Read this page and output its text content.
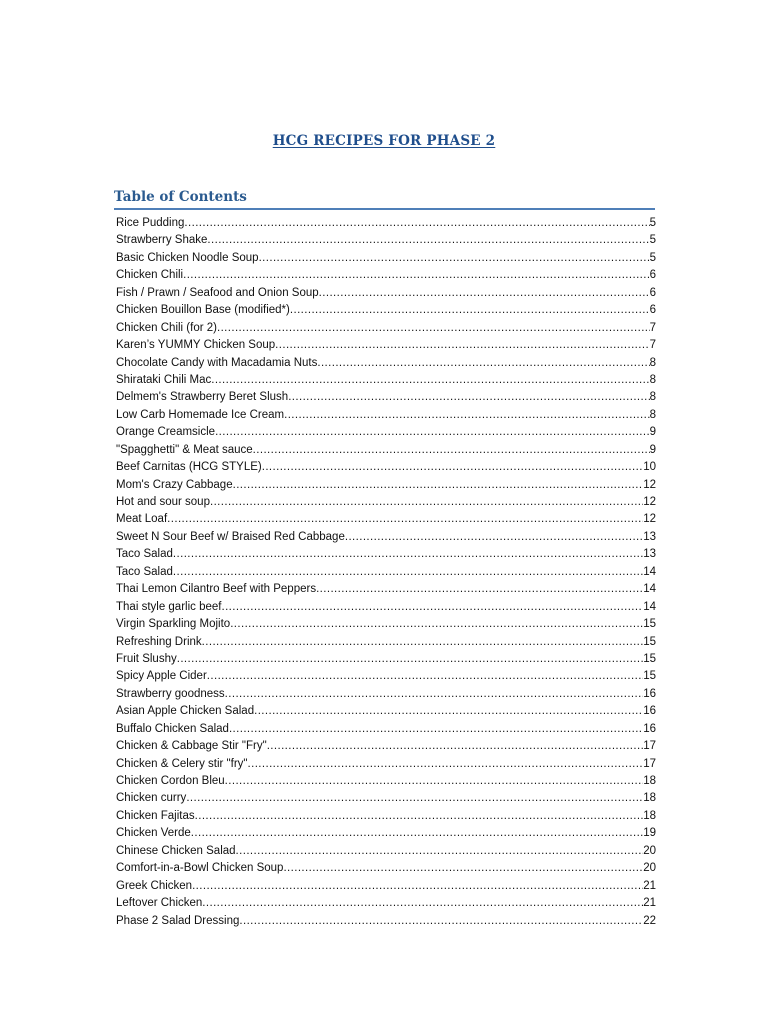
HCG RECIPES FOR PHASE 2
Table of Contents
Rice Pudding .....	5
Strawberry Shake .....	5
Basic Chicken Noodle Soup .....	5
Chicken Chili .....	6
Fish / Prawn / Seafood and Onion Soup .....	6
Chicken Bouillon Base (modified*) .....	6
Chicken Chili (for 2) .....	7
Karen’s YUMMY Chicken Soup .....	7
Chocolate Candy with Macadamia Nuts .....	8
Shirataki Chili Mac .....	8
Delmem's Strawberry Beret Slush .....	8
Low Carb Homemade Ice Cream .....	8
Orange Creamsicle .....	9
"Spagghetti" & Meat sauce .....	9
Beef Carnitas (HCG STYLE) .....	10
Mom's Crazy Cabbage .....	12
Hot and sour soup .....	12
Meat Loaf .....	12
Sweet N Sour Beef w/ Braised Red Cabbage .....	13
Taco Salad .....	13
Taco Salad .....	14
Thai Lemon Cilantro Beef with Peppers .....	14
Thai style garlic beef .....	14
Virgin Sparkling Mojito .....	15
Refreshing Drink .....	15
Fruit Slushy .....	15
Spicy Apple Cider .....	15
Strawberry goodness .....	16
Asian Apple Chicken Salad .....	16
Buffalo Chicken Salad .....	16
Chicken & Cabbage Stir "Fry" .....	17
Chicken & Celery stir "fry" .....	17
Chicken Cordon Bleu .....	18
Chicken curry .....	18
Chicken Fajitas .....	18
Chicken Verde .....	19
Chinese Chicken Salad .....	20
Comfort-in-a-Bowl Chicken Soup .....	20
Greek Chicken .....	21
Leftover Chicken .....	21
Phase 2 Salad Dressing .....	22
